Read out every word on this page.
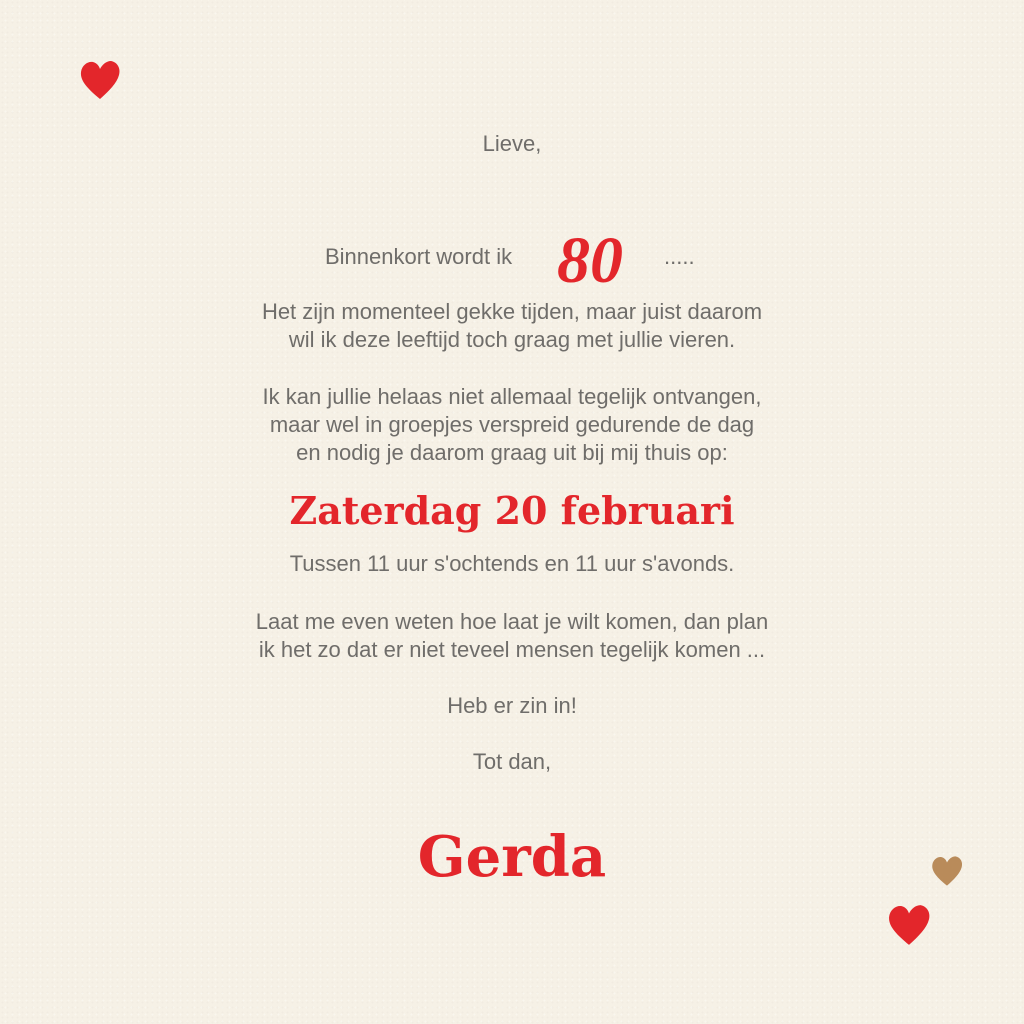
Lieve,
Binnenkort wordt ik 80 .....
Het zijn momenteel gekke tijden, maar juist daarom
wil ik deze leeftijd toch graag met jullie vieren.
Ik kan jullie helaas niet allemaal tegelijk ontvangen,
maar wel in groepjes verspreid gedurende de dag
en nodig je daarom graag uit bij mij thuis op:
Zaterdag 20 februari
Tussen 11 uur s'ochtends en 11 uur s'avonds.
Laat me even weten hoe laat je wilt komen, dan plan
ik het zo dat er niet teveel mensen tegelijk komen ...
Heb er zin in!
Tot dan,
Gerda
